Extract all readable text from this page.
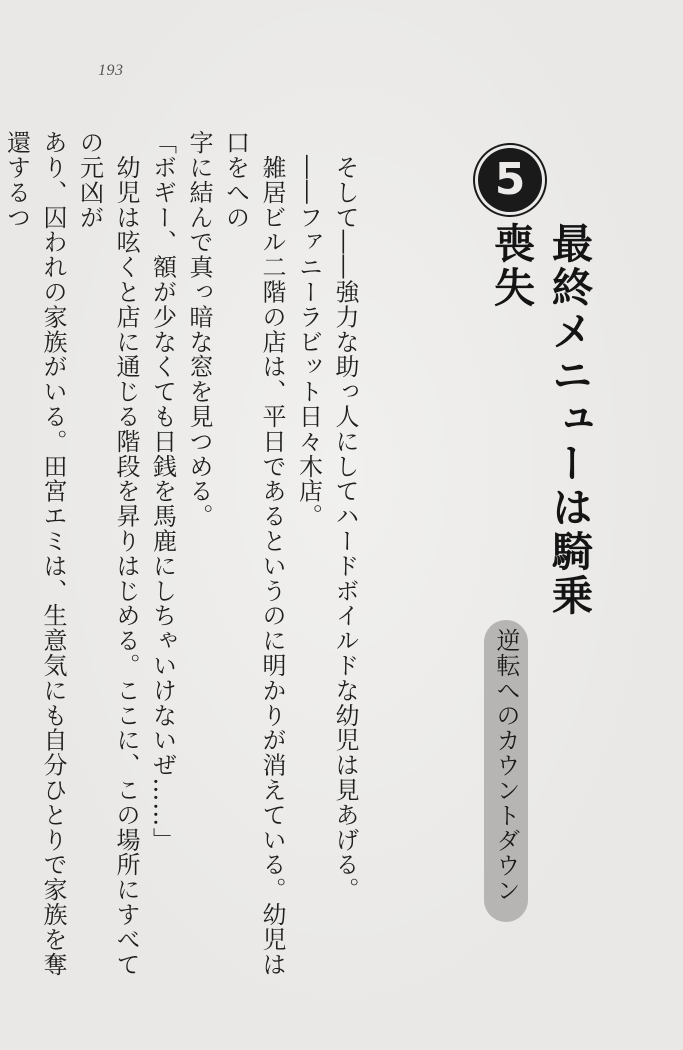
193
5
最終メニューは騎乗喪失
逆転へのカウントダウン

　そして――強力な助っ人にしてハードボイルドな幼児は見あげる。

　――ファニーラビット日々木店。

　雑居ビル二階の店は、平日であるというのに明かりが消えている。幼児は口をへの

字に結んで真っ暗な窓を見つめる。

「ボギー、額が少なくても日銭を馬鹿にしちゃいけないぜ……」

　幼児は呟くと店に通じる階段を昇りはじめる。ここに、この場所にすべての元凶が

あり、囚われの家族がいる。田宮エミは、生意気にも自分ひとりで家族を奪還するつ
